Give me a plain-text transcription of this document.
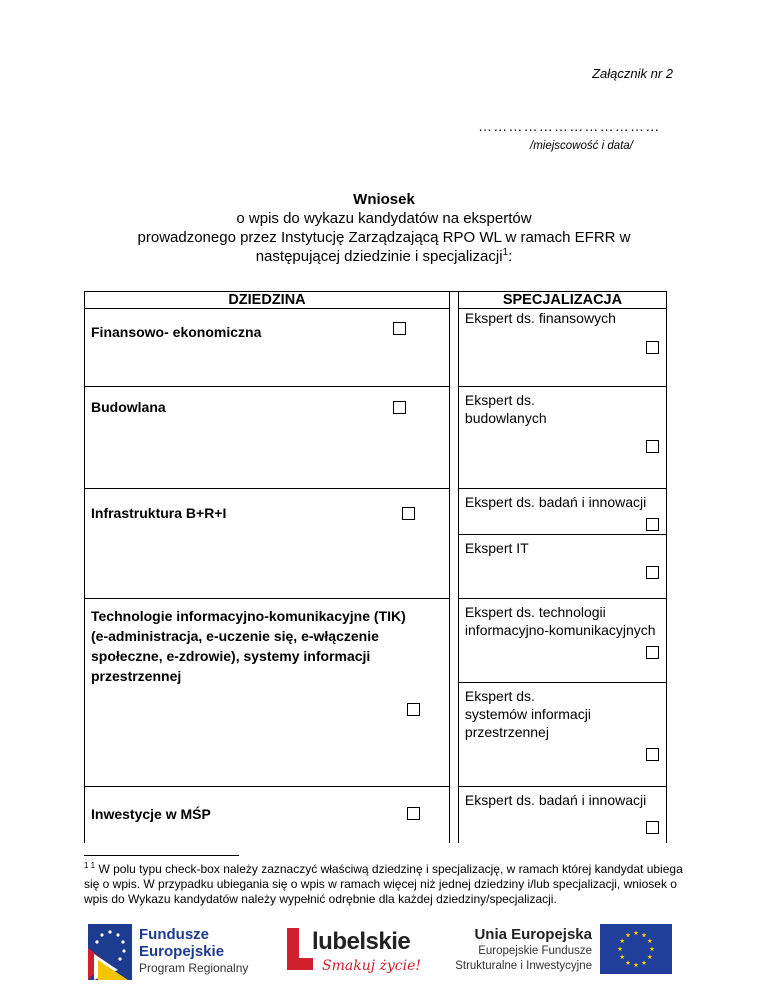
Załącznik nr 2
………………………………
/miejscowość i data/
Wniosek
o wpis do wykazu kandydatów na ekspertów
prowadzonego przez Instytucję Zarządzającą RPO WL w ramach EFRR w
następującej dziedzinie i specjalizacji$^1$:
DZIEDZINA		SPECJALIZACJA

Finansowo- ekonomiczna		Ekspert ds. finansowych

Budowlana		Ekspert ds.
budowlanych

Infrastruktura B+R+I		Ekspert ds. badań i innowacji

		Ekspert IT

Technologie informacyjno-komunikacyjne (TIK)
(e-administracja, e-uczenie się, e-włączenie
społeczne, e-zdrowie), systemy informacji
przestrzennej		Ekspert ds. technologii
informacyjno-komunikacyjnych

		Ekspert ds.
systemów informacji
przestrzennej

Inwestycje w MŚP		Ekspert ds. badań i innowacji
$^{1 1}$ W polu typu check-box należy zaznaczyć właściwą dziedzinę i specjalizację, w ramach której kandydat ubiega się o wpis. W przypadku ubiegania się o wpis w ramach więcej niż jednej dziedziny i/lub specjalizacji, wniosek o wpis do Wykazu kandydatów należy wypełnić odrębnie dla każdej dziedziny/specjalizacji.
Fundusze
Europejskie
Program Regionalny
lubelskie
Smakuj życie!
Unia Europejska
Europejskie Fundusze
Strukturalne i Inwestycyjne
